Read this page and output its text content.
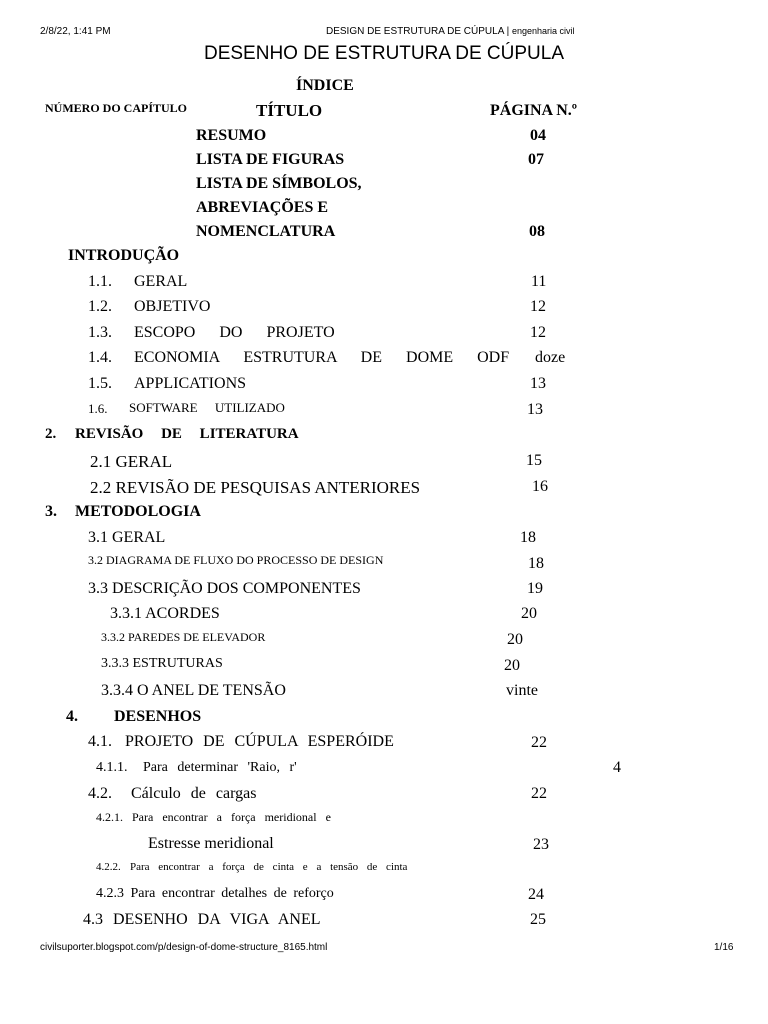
2/8/22, 1:41 PM	DESIGN DE ESTRUTURA DE CÚPULA | engenharia civil
DESENHO DE ESTRUTURA DE CÚPULA
ÍNDICE
NÚMERO DO CAPÍTULO	TÍTULO	PÁGINA N.º
RESUMO	04
LISTA DE FIGURAS	07
LISTA DE SÍMBOLOS,
ABREVIAÇÕES E
NOMENCLATURA	08
INTRODUÇÃO
1.1. GERAL	11
1.2. OBJETIVO	12
1.3. ESCOPO DO PROJETO	12
1.4. ECONOMIA ESTRUTURA DE DOME ODF doze
1.5. APPLICATIONS	13
1.6. SOFTWARE UTILIZADO	13
2. REVISÃO DE LITERATURA
2.1 GERAL	15
2.2 REVISÃO DE PESQUISAS ANTERIORES	16
3. METODOLOGIA
3.1 GERAL	18
3.2 DIAGRAMA DE FLUXO DO PROCESSO DE DESIGN	18
3.3 DESCRIÇÃO DOS COMPONENTES	19
3.3.1 ACORDES	20
3.3.2 PAREDES DE ELEVADOR	20
3.3.3 ESTRUTURAS	20
3.3.4 O ANEL DE TENSÃO	vinte
4. DESENHOS
4.1. PROJETO DE CÚPULA ESPERÓIDE	22
4.1.1. Para determinar 'Raio, r'	4
4.2. Cálculo de cargas	22
4.2.1. Para encontrar a força meridional e
Estresse meridional	23
4.2.2. Para encontrar a força de cinta e a tensão de cinta
4.2.3 Para encontrar detalhes de reforço	24
4.3 DESENHO DA VIGA ANEL	25
civilsuporter.blogspot.com/p/design-of-dome-structure_8165.html	1/16
